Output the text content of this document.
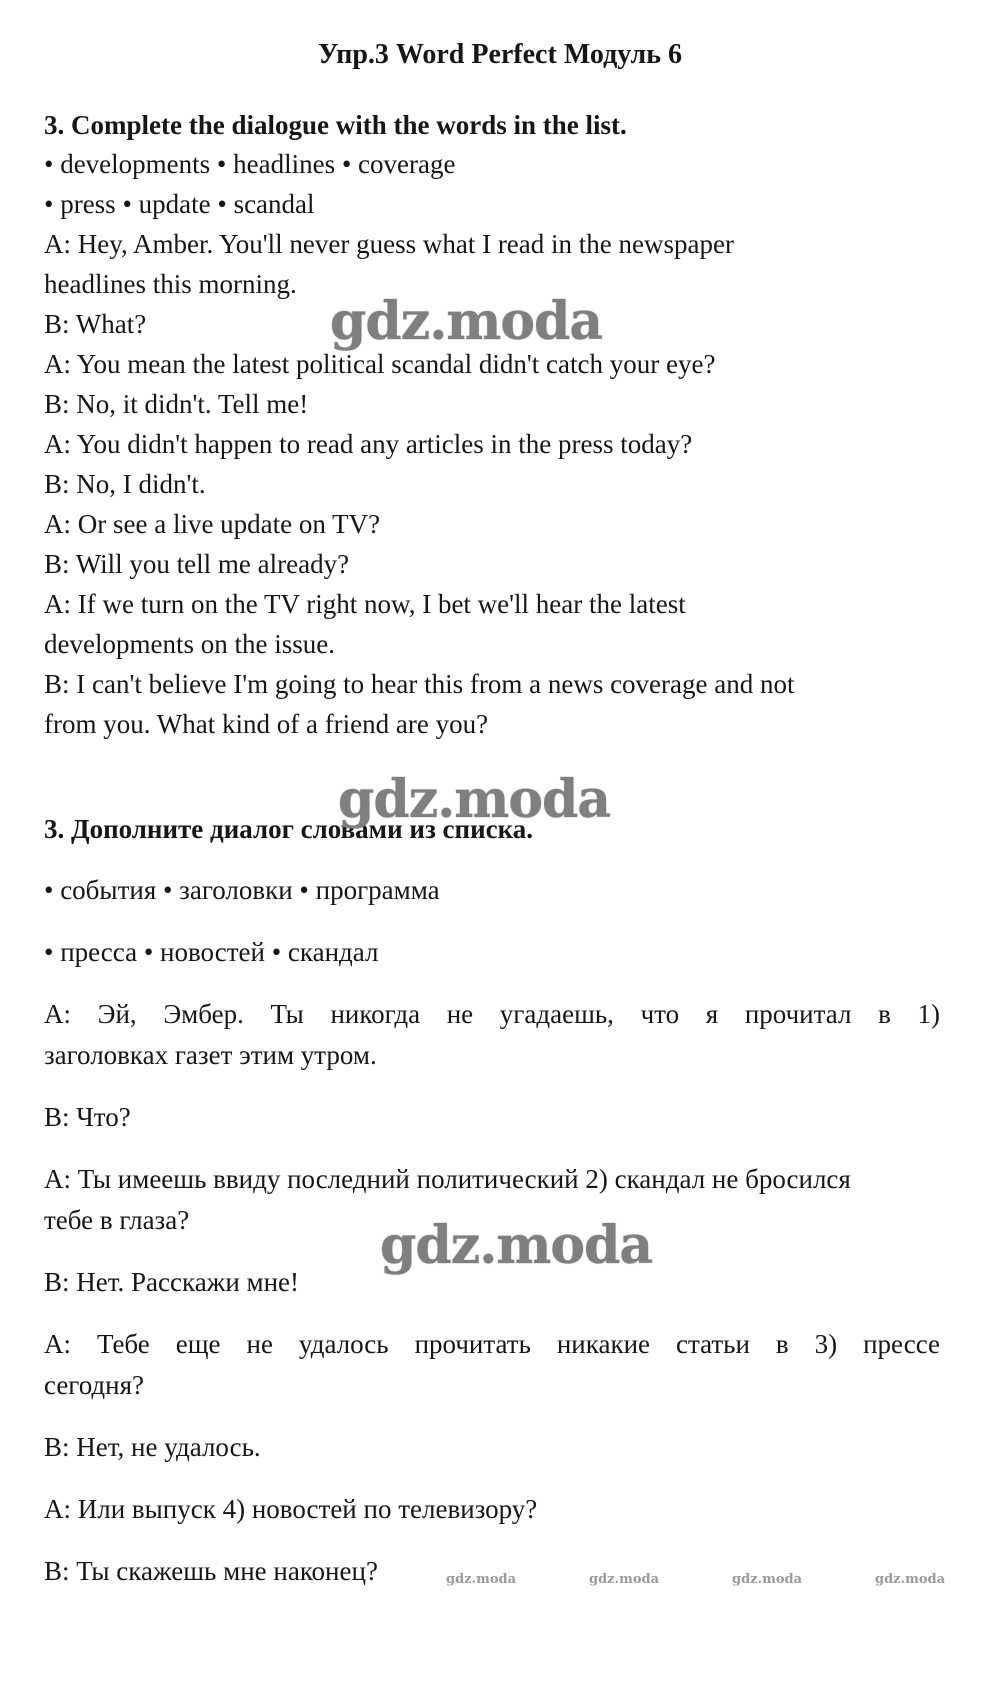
Упр.3 Word Perfect Модуль 6

3. Complete the dialogue with the words in the list.

• developments • headlines • coverage

• press • update • scandal

A: Hey, Amber. You'll never guess what I read in the newspaper

headlines this morning.

B: What?

A: You mean the latest political scandal didn't catch your eye?

B: No, it didn't. Tell me!

A: You didn't happen to read any articles in the press today?

B: No, I didn't.

A: Or see a live update on TV?

B: Will you tell me already?

A: If we turn on the TV right now, I bet we'll hear the latest

developments on the issue.

B: I can't believe I'm going to hear this from a news coverage and not

from you. What kind of a friend are you?

3. Дополните диалог словами из списка.

• события • заголовки • программа

• пресса • новостей • скандал

А: Эй, Эмбер. Ты никогда не угадаешь, что я прочитал в 1)

заголовках газет этим утром.

В: Что?

А: Ты имеешь ввиду последний политический 2) скандал не бросился

тебе в глаза?

В: Нет. Расскажи мне!

А: Тебе еще не удалось прочитать никакие статьи в 3) прессе

сегодня?

В: Нет, не удалось.

А: Или выпуск 4) новостей по телевизору?

В: Ты скажешь мне наконец?

gdz.moda
gdz.moda
gdz.moda
gdz.moda	gdz.moda	gdz.moda	gdz.moda
